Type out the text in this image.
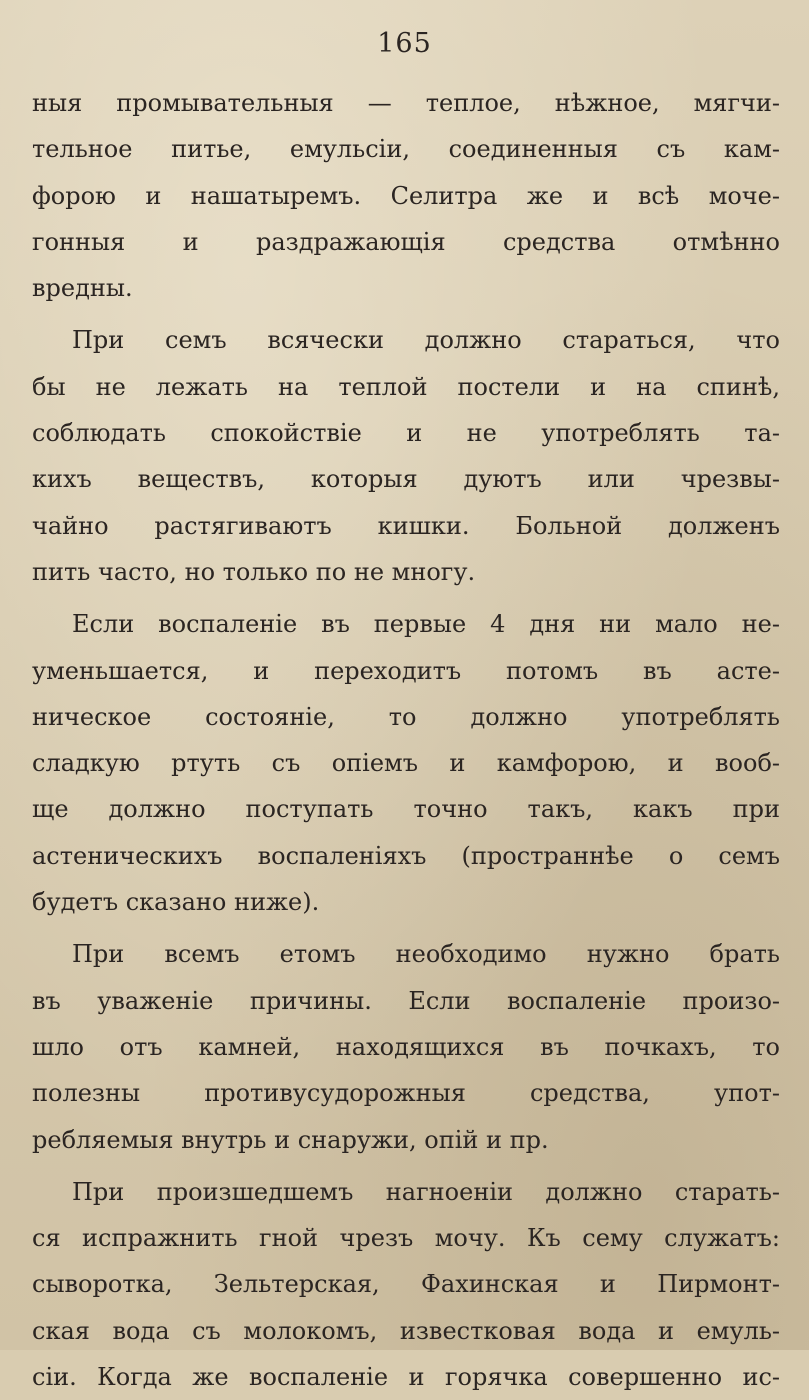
165
ныя промывательныя — теплое, нѣжное, мягчи-
тельное питье, емульсіи, соединенныя съ кам-
форою и нашатыремъ. Селитра же и всѣ моче-
гонныя и раздражающія средства отмѣнно
вредны.
При семъ всячески должно стараться, что
бы не лежать на теплой постели и на спинѣ,
соблюдать спокойствіе и не употреблять та-
кихъ веществъ, которыя дуютъ или чрезвы-
чайно растягиваютъ кишки. Больной долженъ
пить часто, но только по не многу.
Если воспаленіе въ первые 4 дня ни мало не-
уменьшается, и переходитъ потомъ въ асте-
ническое состояніе, то должно употреблять
сладкую ртуть съ опіемъ и камфорою, и вооб-
ще должно поступать точно такъ, какъ при
астеническихъ воспаленіяхъ (пространнѣе о семъ
будетъ сказано ниже).
При всемъ етомъ необходимо нужно брать
въ уваженіе причины. Если воспаленіе произо-
шло отъ камней, находящихся въ почкахъ, то
полезны противусудорожныя средства, упот-
ребляемыя внутрь и снаружи, опій и пр.
При произшедшемъ нагноеніи должно старать-
ся испражнить гной чрезъ мочу. Къ сему служатъ:
сыворотка, Зельтерская, Фахинская и Пирмонт-
ская вода съ молокомъ, известковая вода и емуль-
сіи. Когда же воспаленіе и горячка совершенно ис-
